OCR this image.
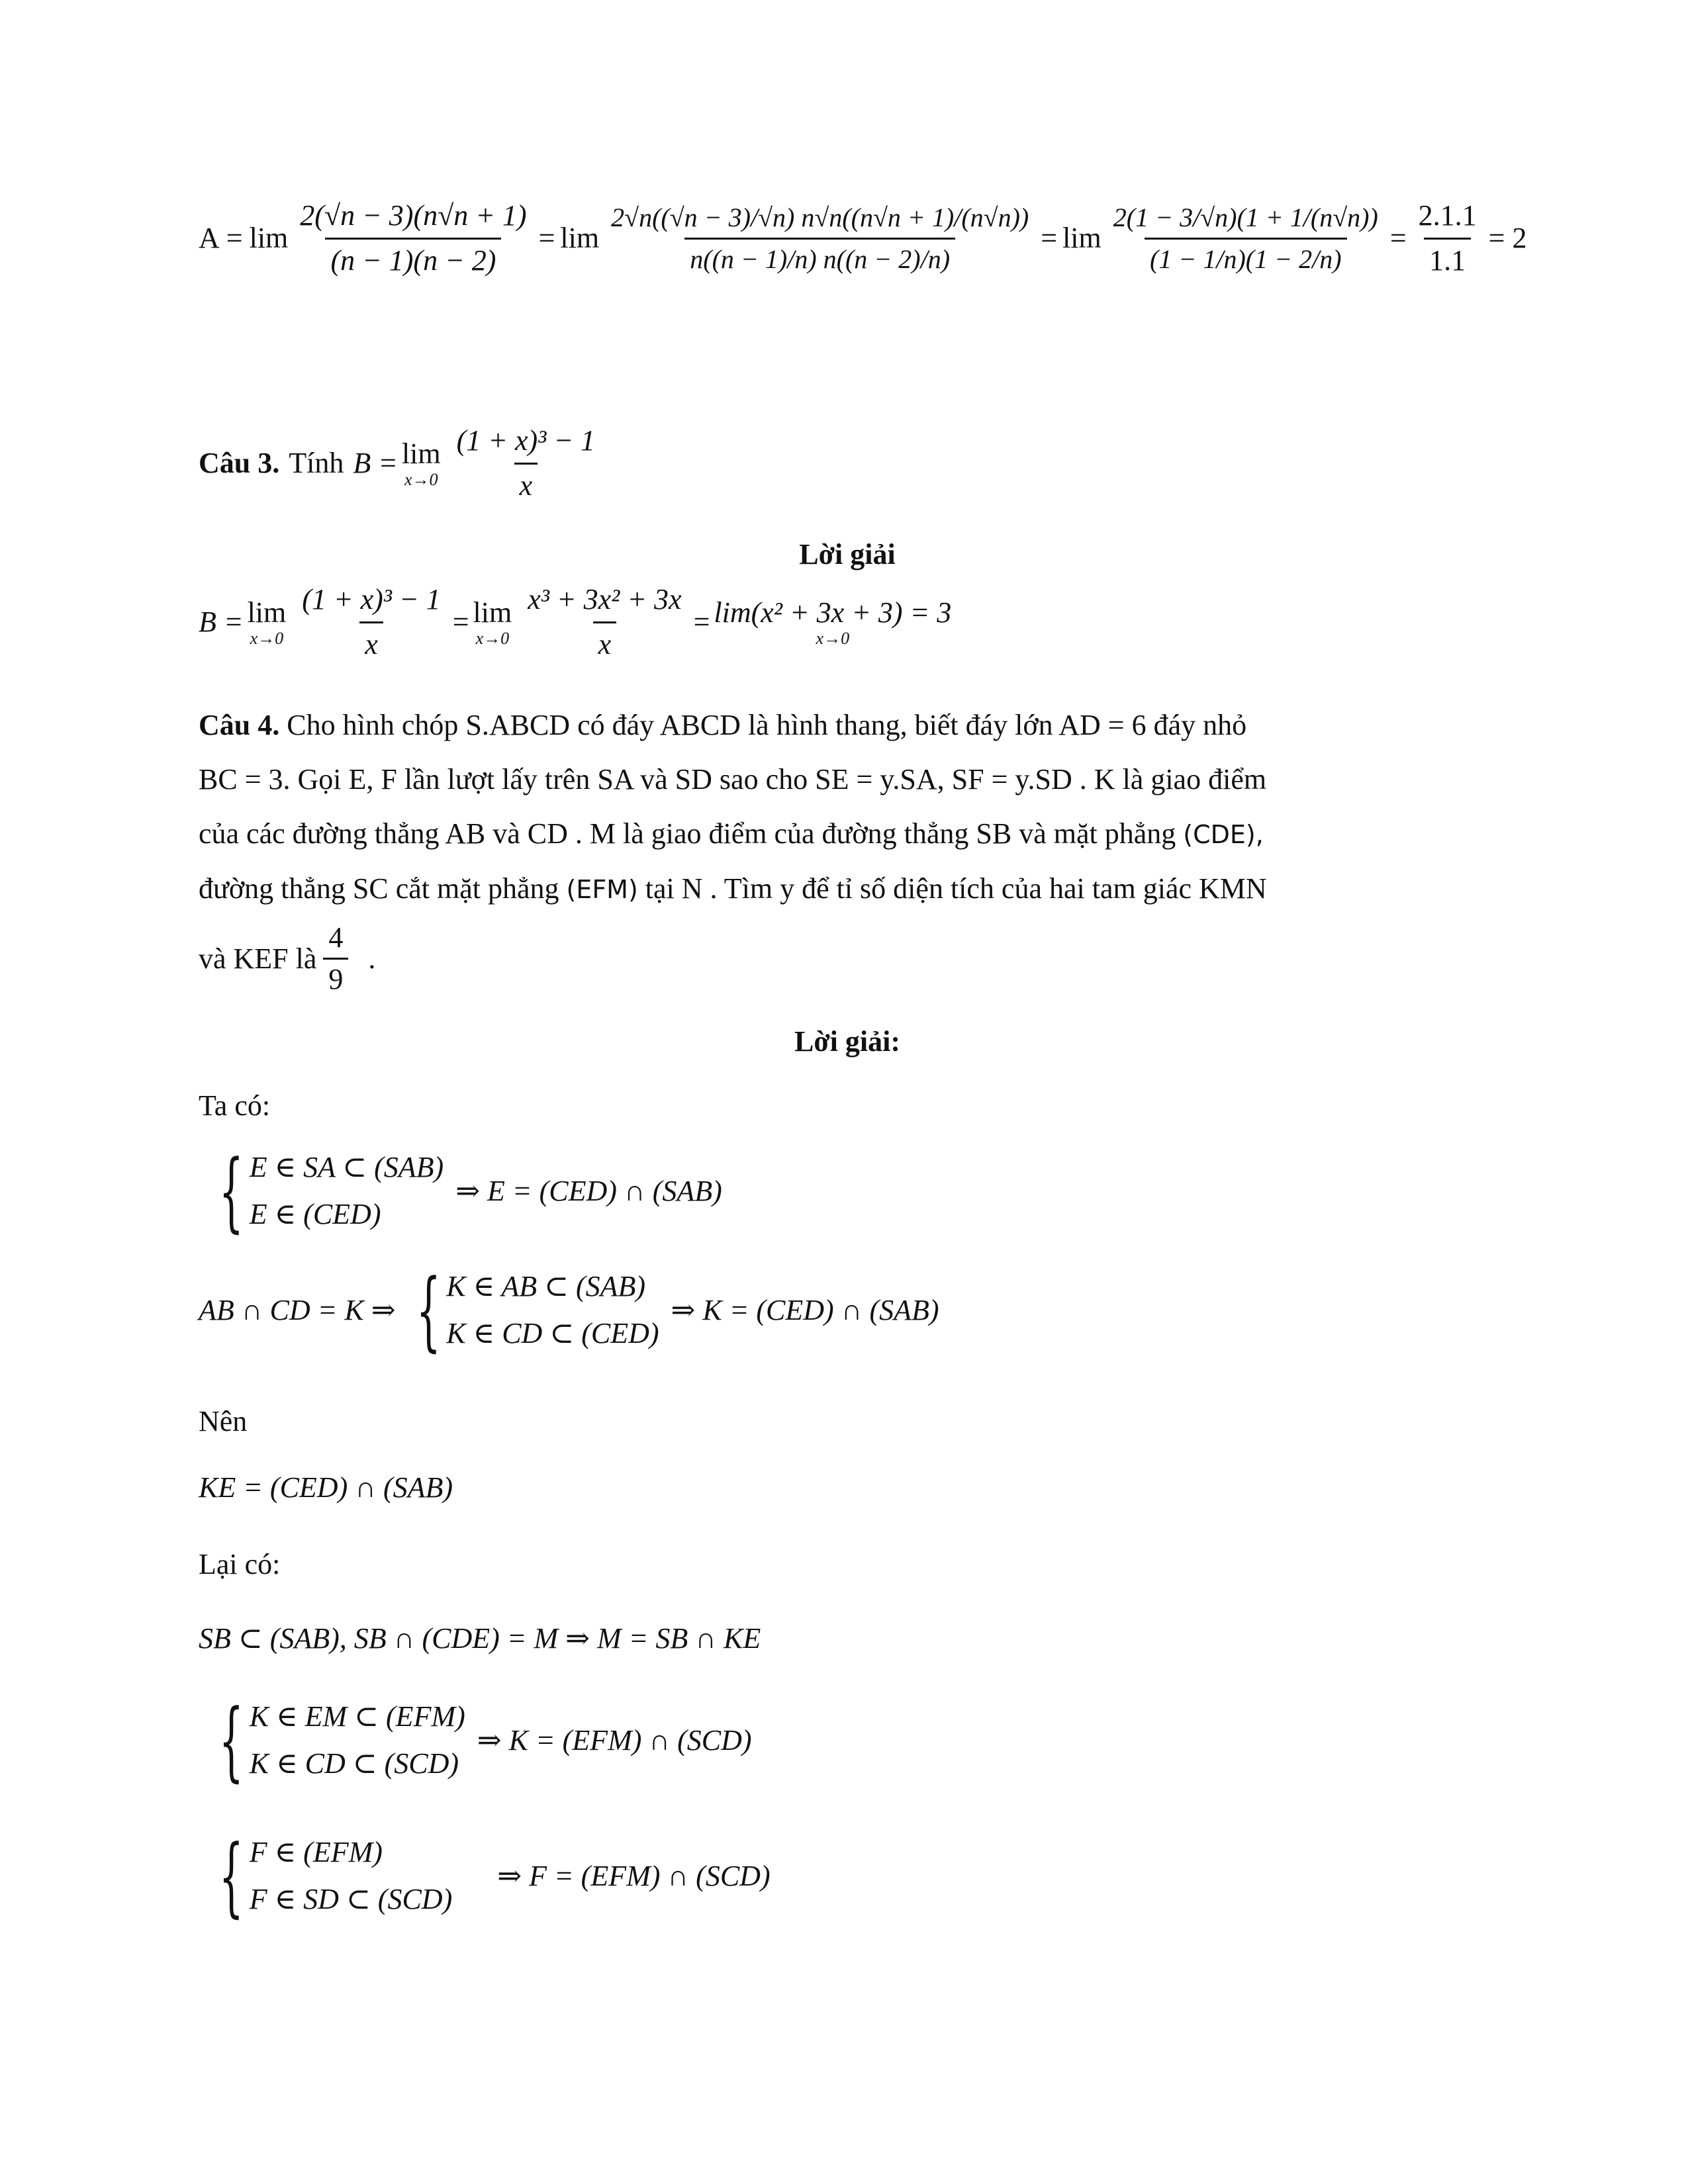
$A = \lim \frac{2(√n - 3)(n√n + 1)}{(n - 1)(n - 2)} = \lim \frac{2√n((√n - 3)/√n) n√n((n√n + 1)/(n√n))}{n((n - 1)/n) n((n - 2)/n)} = \lim \frac{2(1 - 3/√n)(1 + 1/(n√n))}{(1 - 1/n)(1 - 2/n)} = \frac{2.1.1}{1.1} = 2$
Câu 3. Tính B = lim
$x\to 0 \frac{\text{(1 + x)³ − 1}}{x}$
Lời giải
B = lim
$x\to 0 \frac{\text{(1 + x)³ − 1}}{x} = \lim$
$x\to 0 \frac{\text{x³ + 3x² + 3x}}{x} = \lim(x^2 + 3x + 3) = 3$
x→0
Câu 4. Cho hình chóp S.ABCD có đáy ABCD là hình thang, biết đáy lớn AD = 6 đáy nhỏ
BC = 3. Gọi E, F lần lượt lấy trên SA và SD sao cho SE = y.SA, SF = y.SD . K là giao điểm
của các đường thẳng AB và CD . M là giao điểm của đường thẳng SB và mặt phẳng (CDE),
đường thẳng SC cắt mặt phẳng (EFM) tại N . Tìm y để tỉ số diện tích của hai tam giác KMN
và KEF là $\frac{4}{9}$ .
Lời giải:
Ta có:
{ E ∈ SA ⊂ (SAB)
E ∈ (CED)
⇒ E = (CED) ∩ (SAB)
AB ∩ CD = K ⇒ { K ∈ AB ⊂ (SAB)
K ∈ CD ⊂ (CED)
⇒ K = (CED) ∩ (SAB)
Nên
KE = (CED) ∩ (SAB)
Lại có:
SB ⊂ (SAB), SB ∩ (CDE) = M ⇒ M = SB ∩ KE
{ K ∈ EM ⊂ (EFM)
K ∈ CD ⊂ (SCD)
⇒ K = (EFM) ∩ (SCD)
{ F ∈ (EFM)
F ∈ SD ⊂ (SCD)
⇒ F = (EFM) ∩ (SCD)
